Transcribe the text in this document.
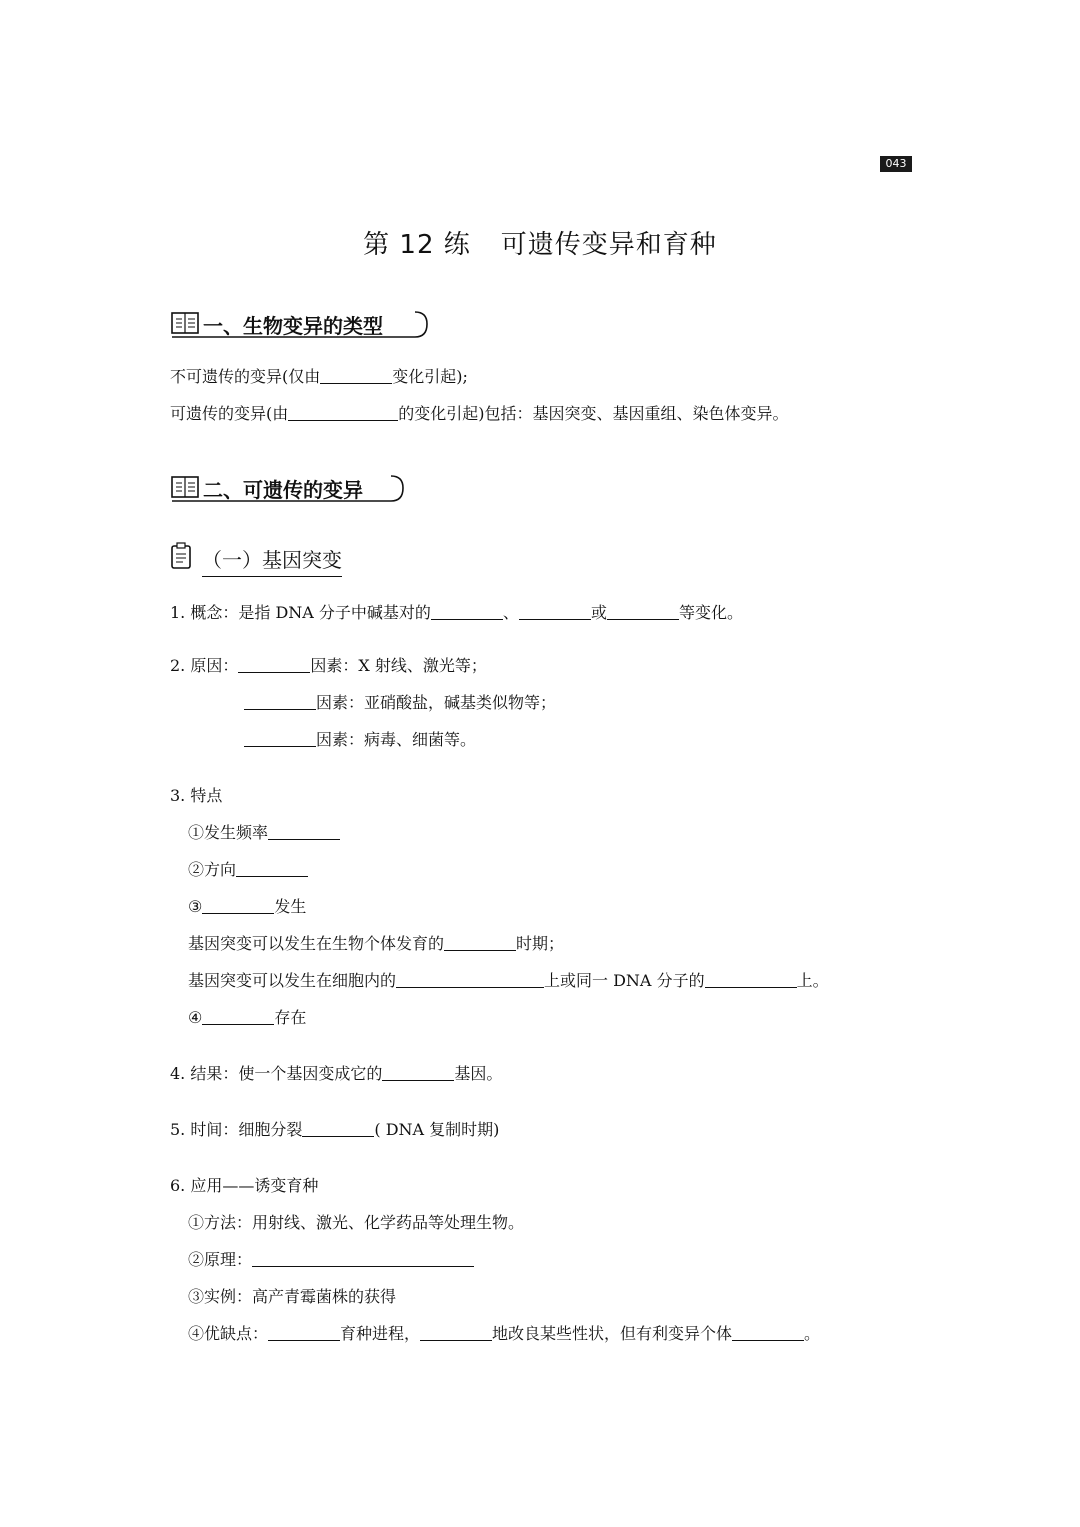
043
第 12 练 可遗传变异和育种
一、生物变异的类型
不可遗传的变异(仅由	变化引起);
可遗传的变异(由	的变化引起)包括：基因突变、基因重组、染色体变异。
二、可遗传的变异
（一）基因突变
1. 概念：是指 DNA 分子中碱基对的	、	或	等变化。
2. 原因：	因素：X 射线、激光等；
因素：亚硝酸盐，碱基类似物等；
因素：病毒、细菌等。
3. 特点
①发生频率
②方向
③	发生
基因突变可以发生在生物个体发育的	时期；
基因突变可以发生在细胞内的	上或同一 DNA 分子的	上。
④	存在
4. 结果：使一个基因变成它的	基因。
5. 时间：细胞分裂	( DNA 复制时期)
6. 应用——诱变育种
①方法：用射线、激光、化学药品等处理生物。
②原理：
③实例：高产青霉菌株的获得
④优缺点：	育种进程，	地改良某些性状，但有利变异个体	。
